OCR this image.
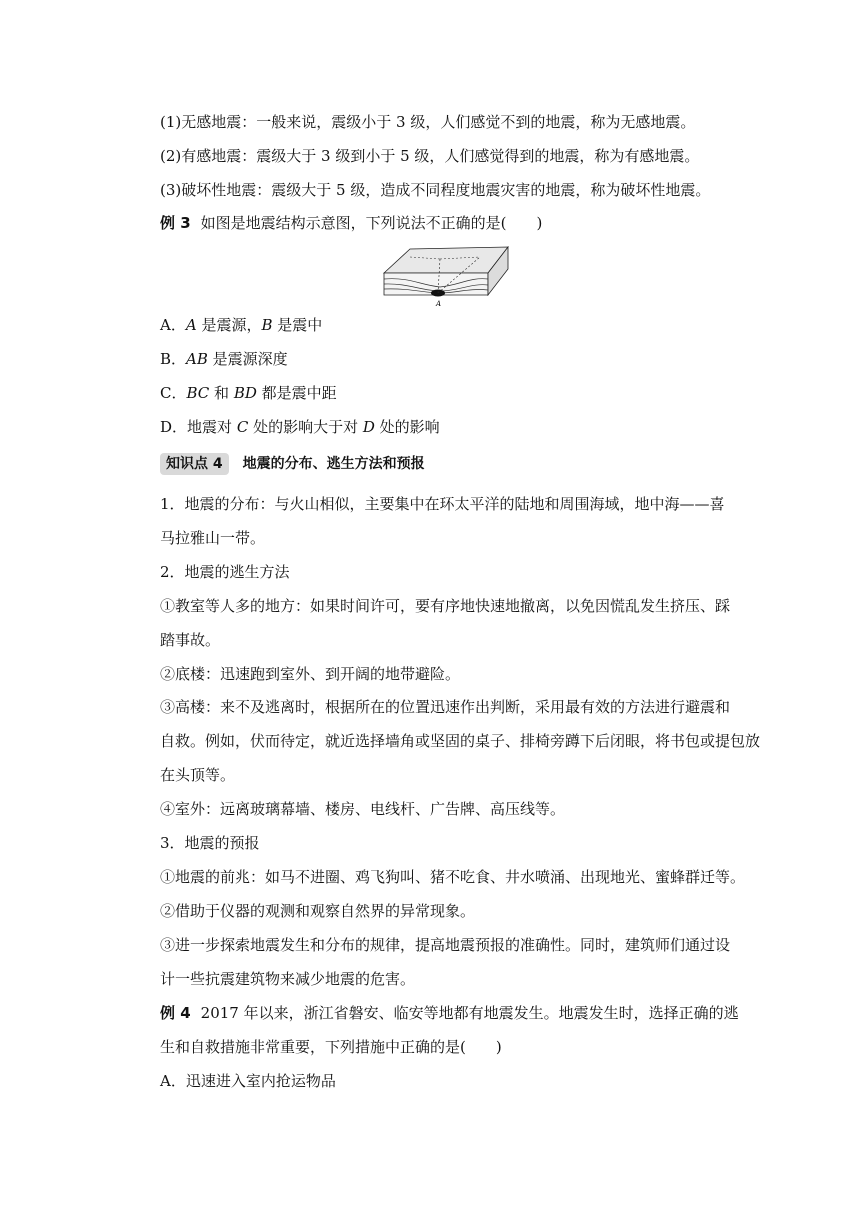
(1)无感地震：一般来说，震级小于 3 级，人们感觉不到的地震，称为无感地震。
(2)有感地震：震级大于 3 级到小于 5 级，人们感觉得到的地震，称为有感地震。
(3)破坏性地震：震级大于 5 级，造成不同程度地震灾害的地震，称为破坏性地震。
例 3 如图是地震结构示意图，下列说法不正确的是(　　)
A
A．A 是震源，B 是震中
B．AB 是震源深度
C．BC 和 BD 都是震中距
D．地震对 C 处的影响大于对 D 处的影响
知识点 4 地震的分布、逃生方法和预报
1．地震的分布：与火山相似，主要集中在环太平洋的陆地和周围海域，地中海——喜
马拉雅山一带。
2．地震的逃生方法
①教室等人多的地方：如果时间许可，要有序地快速地撤离，以免因慌乱发生挤压、踩
踏事故。
②底楼：迅速跑到室外、到开阔的地带避险。
③高楼：来不及逃离时，根据所在的位置迅速作出判断，采用最有效的方法进行避震和
自救。例如，伏而待定，就近选择墙角或坚固的桌子、排椅旁蹲下后闭眼，将书包或提包放
在头顶等。
④室外：远离玻璃幕墙、楼房、电线杆、广告牌、高压线等。
3．地震的预报
①地震的前兆：如马不进圈、鸡飞狗叫、猪不吃食、井水喷涌、出现地光、蜜蜂群迁等。
②借助于仪器的观测和观察自然界的异常现象。
③进一步探索地震发生和分布的规律，提高地震预报的准确性。同时，建筑师们通过设
计一些抗震建筑物来减少地震的危害。
例 4 2017 年以来，浙江省磐安、临安等地都有地震发生。地震发生时，选择正确的逃
生和自救措施非常重要，下列措施中正确的是(　　)
A．迅速进入室内抢运物品
